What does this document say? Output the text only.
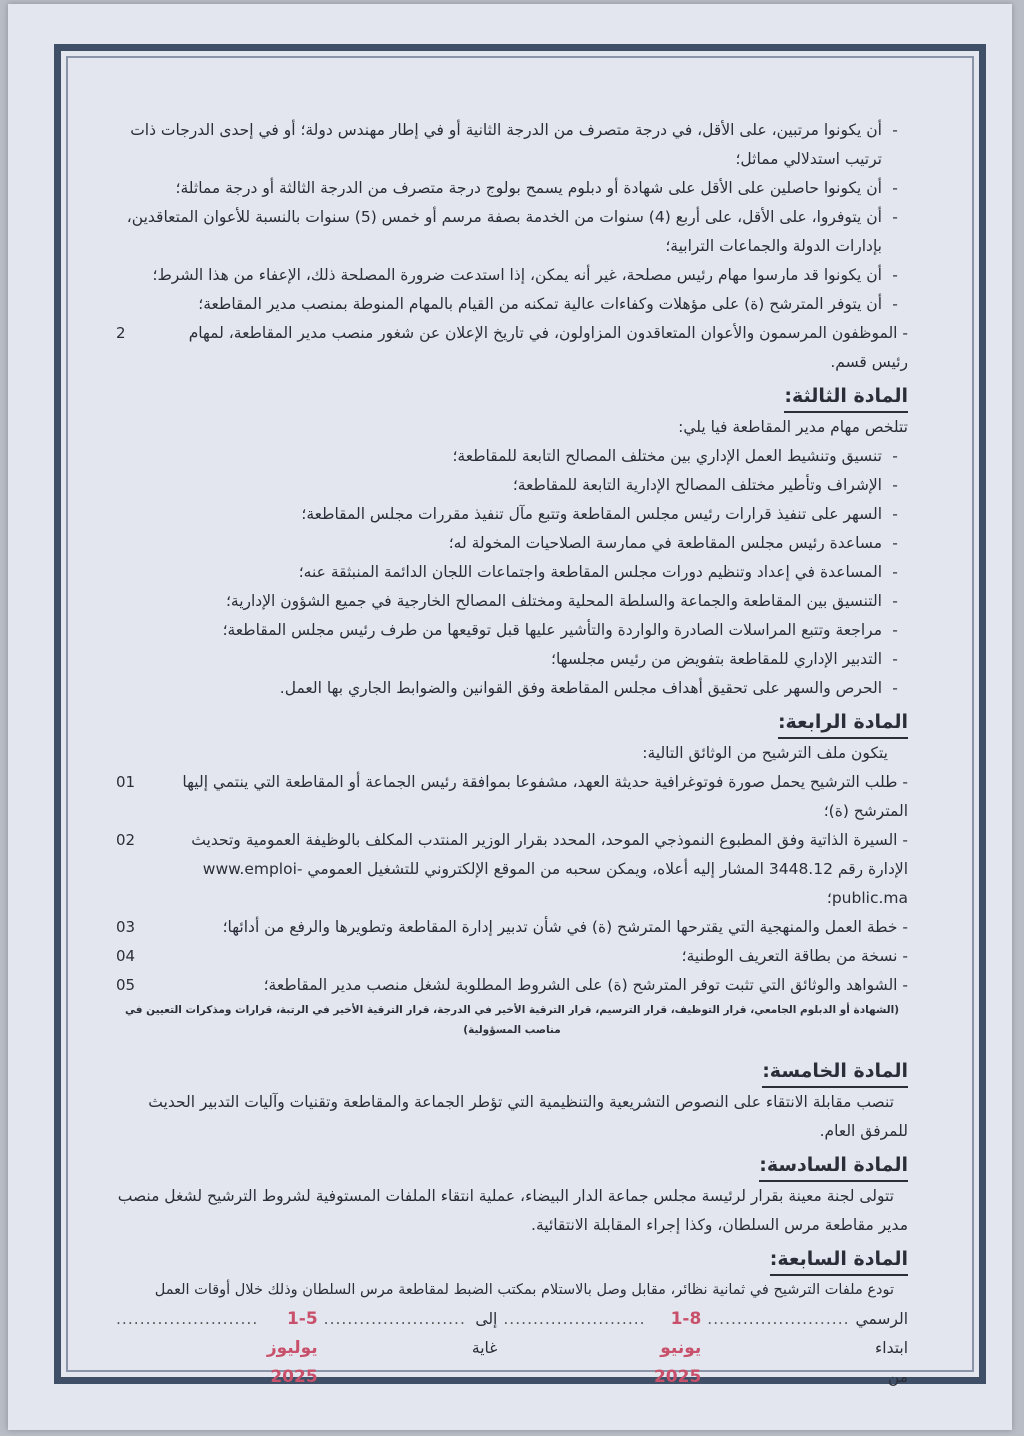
-
أن يكونوا مرتبين، على الأقل، في درجة متصرف من الدرجة الثانية أو في إطار مهندس دولة؛ أو في إحدى الدرجات ذات ترتيب استدلالي مماثل؛
-
أن يكونوا حاصلين على الأقل على شهادة أو دبلوم يسمح بولوج درجة متصرف من الدرجة الثالثة أو درجة مماثلة؛
-
أن يتوفروا، على الأقل، على أربع (4) سنوات من الخدمة بصفة مرسم أو خمس (5) سنوات بالنسبة للأعوان المتعاقدين، بإدارات الدولة والجماعات الترابية؛
-
أن يكونوا قد مارسوا مهام رئيس مصلحة، غير أنه يمكن، إذا استدعت ضرورة المصلحة ذلك، الإعفاء من هذا الشرط؛
-
أن يتوفر المترشح (ة) على مؤهلات وكفاءات عالية تمكنه من القيام بالمهام المنوطة بمنصب مدير المقاطعة؛
- الموظفون المرسمون والأعوان المتعاقدون المزاولون، في تاريخ الإعلان عن شغور منصب مدير المقاطعة، لمهام رئيس قسم.
2
المادة الثالثة:
تتلخص مهام مدير المقاطعة فيا يلي:
-
تنسيق وتنشيط العمل الإداري بين مختلف المصالح التابعة للمقاطعة؛
-
الإشراف وتأطير مختلف المصالح الإدارية التابعة للمقاطعة؛
-
السهر على تنفيذ قرارات رئيس مجلس المقاطعة وتتبع مآل تنفيذ مقررات مجلس المقاطعة؛
-
مساعدة رئيس مجلس المقاطعة في ممارسة الصلاحيات المخولة له؛
-
المساعدة في إعداد وتنظيم دورات مجلس المقاطعة واجتماعات اللجان الدائمة المنبثقة عنه؛
-
التنسيق بين المقاطعة والجماعة والسلطة المحلية ومختلف المصالح الخارجية في جميع الشؤون الإدارية؛
-
مراجعة وتتبع المراسلات الصادرة والواردة والتأشير عليها قبل توقيعها من طرف رئيس مجلس المقاطعة؛
-
التدبير الإداري للمقاطعة بتفويض من رئيس مجلسها؛
-
الحرص والسهر على تحقيق أهداف مجلس المقاطعة وفق القوانين والضوابط الجاري بها العمل.
المادة الرابعة:
يتكون ملف الترشيح من الوثائق التالية:
- طلب الترشيح يحمل صورة فوتوغرافية حديثة العهد، مشفوعا بموافقة رئيس الجماعة أو المقاطعة التي ينتمي إليها المترشح (ة)؛
01
- السيرة الذاتية وفق المطبوع النموذجي الموحد، المحدد بقرار الوزير المنتدب المكلف بالوظيفة العمومية وتحديث الإدارة رقم 3448.12 المشار إليه أعلاه، ويمكن سحبه من الموقع الإلكتروني للتشغيل العمومي www.emploi-public.ma؛
02
- خطة العمل والمنهجية التي يقترحها المترشح (ة) في شأن تدبير إدارة المقاطعة وتطويرها والرفع من أدائها؛
03
- نسخة من بطاقة التعريف الوطنية؛
04
- الشواهد والوثائق التي تثبت توفر المترشح (ة) على الشروط المطلوبة لشغل منصب مدير المقاطعة؛
05
(الشهادة أو الدبلوم الجامعي، قرار التوظيف، قرار الترسيم، قرار الترقية الأخير في الدرجة، قرار الترقية الأخير في الرتبة، قرارات ومذكرات التعيين في مناصب المسؤولية)
المادة الخامسة:
تنصب مقابلة الانتقاء على النصوص التشريعية والتنظيمية التي تؤطر الجماعة والمقاطعة وتقنيات وآليات التدبير الحديث للمرفق العام.
المادة السادسة:
تتولى لجنة معينة بقرار لرئيسة مجلس جماعة الدار البيضاء، عملية انتقاء الملفات المستوفية لشروط الترشيح لشغل منصب مدير مقاطعة مرس السلطان، وكذا إجراء المقابلة الانتقائية.
المادة السابعة:
تودع ملفات الترشيح في ثمانية نظائر، مقابل وصل بالاستلام بمكتب الضبط لمقاطعة مرس السلطان وذلك خلال أوقات العمل
الرسمي ابتداء من
........................
1-8 يونيو 2025
........................
إلى غاية
........................
1-5 يوليوز 2025
........................
